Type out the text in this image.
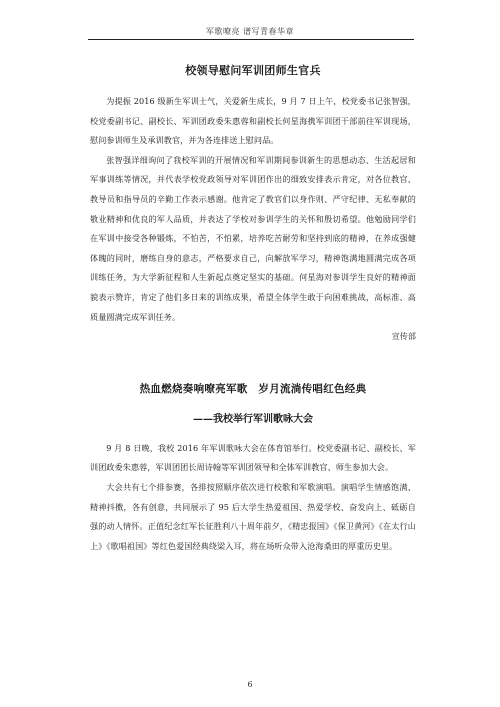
军歌嘹亮 谱写青春华章
校领导慰问军训团师生官兵

为提振 2016 级新生军训士气，关爱新生成长，9 月 7 日上午，校党委书记张智强，校党委副书记、副校长、军训团政委朱惠蓉和副校长何星海携军训团干部前往军训现场，慰问参训师生及承训教官，并为各连排送上慰问品。

张智强详细询问了我校军训的开展情况和军训期间参训新生的思想动态、生活起居和军事训练等情况，并代表学校党政领导对军训团作出的细致安排表示肯定，对各位教官、教导员和指导员的辛勤工作表示感谢。他肯定了教官们以身作则、严守纪律、无私奉献的敬业精神和优良的军人品质，并表达了学校对参训学生的关怀和殷切希望。他勉励同学们在军训中接受各种锻炼，不怕苦，不怕累，培养吃苦耐劳和坚持到底的精神，在养成强健体魄的同时，磨练自身的意志，严格要求自己，向解放军学习，精神饱满地圆满完成各项训练任务，为大学新征程和人生新起点奠定坚实的基础。何星海对参训学生良好的精神面貌表示赞许，肯定了他们多日来的训练成果，希望全体学生敢于向困难挑战，高标准、高质量圆满完成军训任务。

宣传部

热血燃烧奏响嘹亮军歌　岁月流淌传唱红色经典
——我校举行军训歌咏大会

9 月 8 日晚，我校 2016 年军训歌咏大会在体育馆举行。校党委副书记、副校长、军训团政委朱惠蓉，军训团团长周诗翰等军训团领导和全体军训教官、师生参加大会。

大会共有七个排参赛，各排按照顺序依次进行校歌和军歌演唱。演唱学生情感饱满、精神抖擞，各有创意，共同展示了 95 后大学生热爱祖国、热爱学校、奋发向上、砥砺自强的动人情怀。正值纪念红军长征胜利八十周年前夕，《精忠报国》《保卫黄河》《在太行山上》《歌唱祖国》等红色爱国经典绕梁入耳，将在场听众带入沧海桑田的厚重历史里。

6
